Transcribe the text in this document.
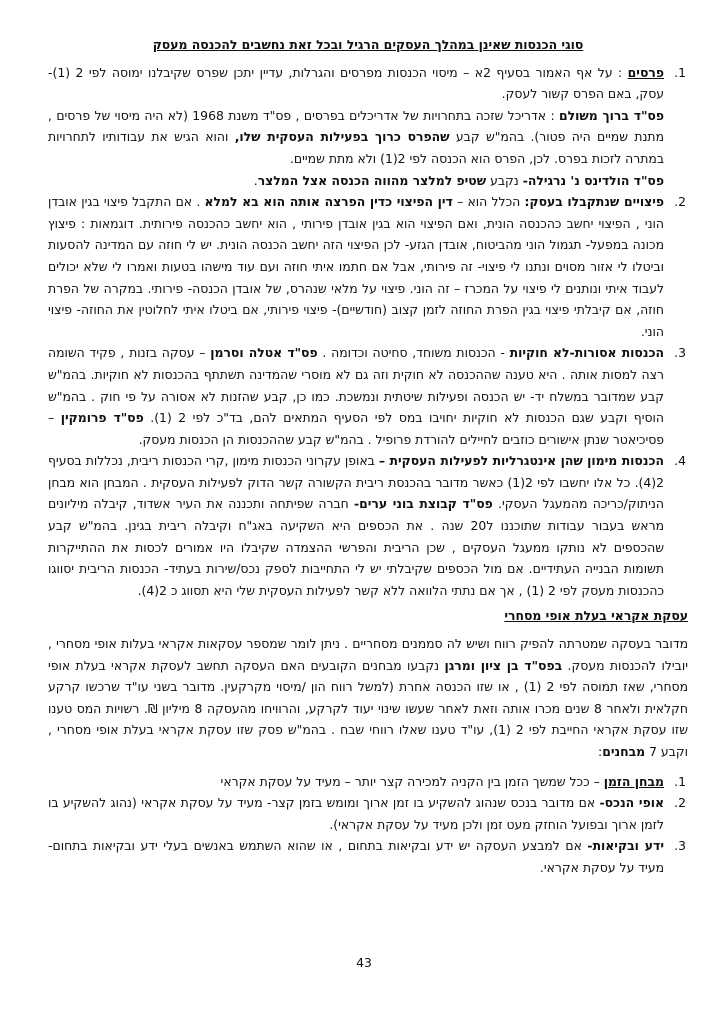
סוגי הכנסות שאינן במהלך העסקים הרגיל ובכל זאת נחשבים להכנסה מעסק
1.
פרסים : על אף האמור בסעיף 2א – מיסוי הכנסות מפרסים והגרלות, עדיין יתכן שפרס שקיבלנו ימוסה לפי 2 (1)- עסק, באם הפרס קשור לעסק.
פס"ד ברוך משולם : אדריכל שזכה בתחרויות של אדריכלים בפרסים , פס"ד משנת 1968 (לא היה מיסוי של פרסים , מתנת שמיים היה פטור). בהמ"ש קבע שהפרס כרוך בפעילות העסקית שלו, והוא הגיש את עבודותיו לתחרויות במתרה לזכות בפרס. לכן, הפרס הוא הכנסה לפי 2(1) ולא מתת שמיים.
פס"ד הולדינס נ' נרגילה- נקבע שטיפ למלצר מהווה הכנסה אצל המלצר.
2.
פיצויים שנתקבלו בעסק: הכלל הוא – דין הפיצוי כדין הפרצה אותה הוא בא למלא . אם התקבל פיצוי בגין אובדן הוני , הפיצוי יחשב כהכנסה הונית, ואם הפיצוי הוא בגין אובדן פירותי , הוא יחשב כהכנסה פירותית. דוגמאות : פיצוץ מכונה במפעל- תגמול הוני מהביטוח, אובדן הגזע- לכן הפיצוי הזה יחשב הכנסה הונית. יש לי חוזה עם המדינה להסעות וביטלו לי אזור מסוים ונתנו לי פיצוי- זה פירותי, אבל אם חתמו איתי חוזה ועם עוד מישהו בטעות ואמרו לי שלא יכולים לעבוד איתי ונותנים לי פיצוי על המכרז – זה הוני. פיצוי על מלאי שנהרס, של אובדן הכנסה- פירותי. במקרה של הפרת חוזה, אם קיבלתי פיצוי בגין הפרת החוזה לזמן קצוב (חודשיים)- פיצוי פירותי, אם ביטלו איתי לחלוטין את החוזה- פיצוי הוני.
3.
הכנסות אסורות-לא חוקיות - הכנסות משוחד, סחיטה וכדומה . פס"ד אטלה וסרמן – עסקה בזנות , פקיד השומה רצה למסות אותה . היא טענה שההכנסה לא חוקית וזה גם לא מוסרי שהמדינה תשתתף בהכנסות לא חוקיות. בהמ"ש קבע שמדובר במשלח יד- יש הכנסה ופעילות שיטתית ונמשכת. כמו כן, קבע שהזנות לא אסורה על פי חוק . בהמ"ש הוסיף וקבע שגם הכנסות לא חוקיות יחויבו במס לפי הסעיף המתאים להם, בד"כ לפי 2 (1). פס"ד פרומקין – פסיכיאטר שנתן אישורים כוזבים לחיילים להורדת פרופיל . בהמ"ש קבע שההכנסות הן הכנסות מעסק.
4.
הכנסות מימון שהן אינטגרליות לפעילות העסקית – באופן עקרוני הכנסות מימון ,קרי הכנסות ריבית, נכללות בסעיף 2(4). כל אלו יחשבו לפי 2(1) כאשר מדובר בהכנסת ריבית הקשורה קשר הדוק לפעילות העסקית . המבחן הוא מבחן הניתוק/כריכה מהמעגל העסקי. פס"ד קבוצת בוני ערים- חברה שפיתחה ותכננה את העיר אשדוד, קיבלה מיליונים מראש בעבור עבודות שתוכננו ל20 שנה . את הכספים היא השקיעה באג"ח וקיבלה ריבית בגינן. בהמ"ש קבע שהכספים לא נותקו ממעגל העסקים , שכן הריבית והפרשי ההצמדה שקיבלו היו אמורים לכסות את ההתייקרות תשומות הבנייה העתידיים. אם מול הכספים שקיבלתי יש לי התחייבות לספק נכס/שירות בעתיד- הכנסות הריבית יסווגו כהכנסות מעסק לפי 2 (1) , אך אם נתתי הלוואה ללא קשר לפעילות העסקית שלי היא תסווג כ 2(4).
עסקת אקראי בעלת אופי מסחרי

מדובר בעסקה שמטרתה להפיק רווח ושיש לה סממנים מסחריים . ניתן לומר שמספר עסקאות אקראי בעלות אופי מסחרי , יובילו להכנסות מעסק. בפס"ד בן ציון ומרגן נקבעו מבחנים הקובעים האם העסקה תחשב לעסקת אקראי בעלת אופי מסחרי, שאז תמוסה לפי 2 (1) , או שזו הכנסה אחרת (למשל רווח הון /מיסוי מקרקעין. מדובר בשני עו"ד שרכשו קרקע חקלאית ולאחר 8 שנים מכרו אותה וזאת לאחר שעשו שינוי יעוד לקרקע, והרוויחו מהעסקה 8 מיליון ₪. רשויות המס טענו שזו עסקת אקראי החייבת לפי 2 (1), עו"ד טענו שאלו רווחי שבח . בהמ"ש פסק שזו עסקת אקראי בעלת אופי מסחרי , וקבע 7 מבחנים:

1.
מבחן הזמן – ככל שמשך הזמן בין הקניה למכירה קצר יותר – מעיד על עסקת אקראי
2.
אופי הנכס- אם מדובר בנכס שנהוג להשקיע בו זמן ארוך ומומש בזמן קצר- מעיד על עסקת אקראי (נהוג להשקיע בו לזמן ארוך ובפועל הוחזק מעט זמן ולכן מעיד על עסקת אקראי).
3.
ידע ובקיאות- אם למבצע העסקה יש ידע ובקיאות בתחום , או שהוא השתמש באנשים בעלי ידע ובקיאות בתחום- מעיד על עסקת אקראי.
43
